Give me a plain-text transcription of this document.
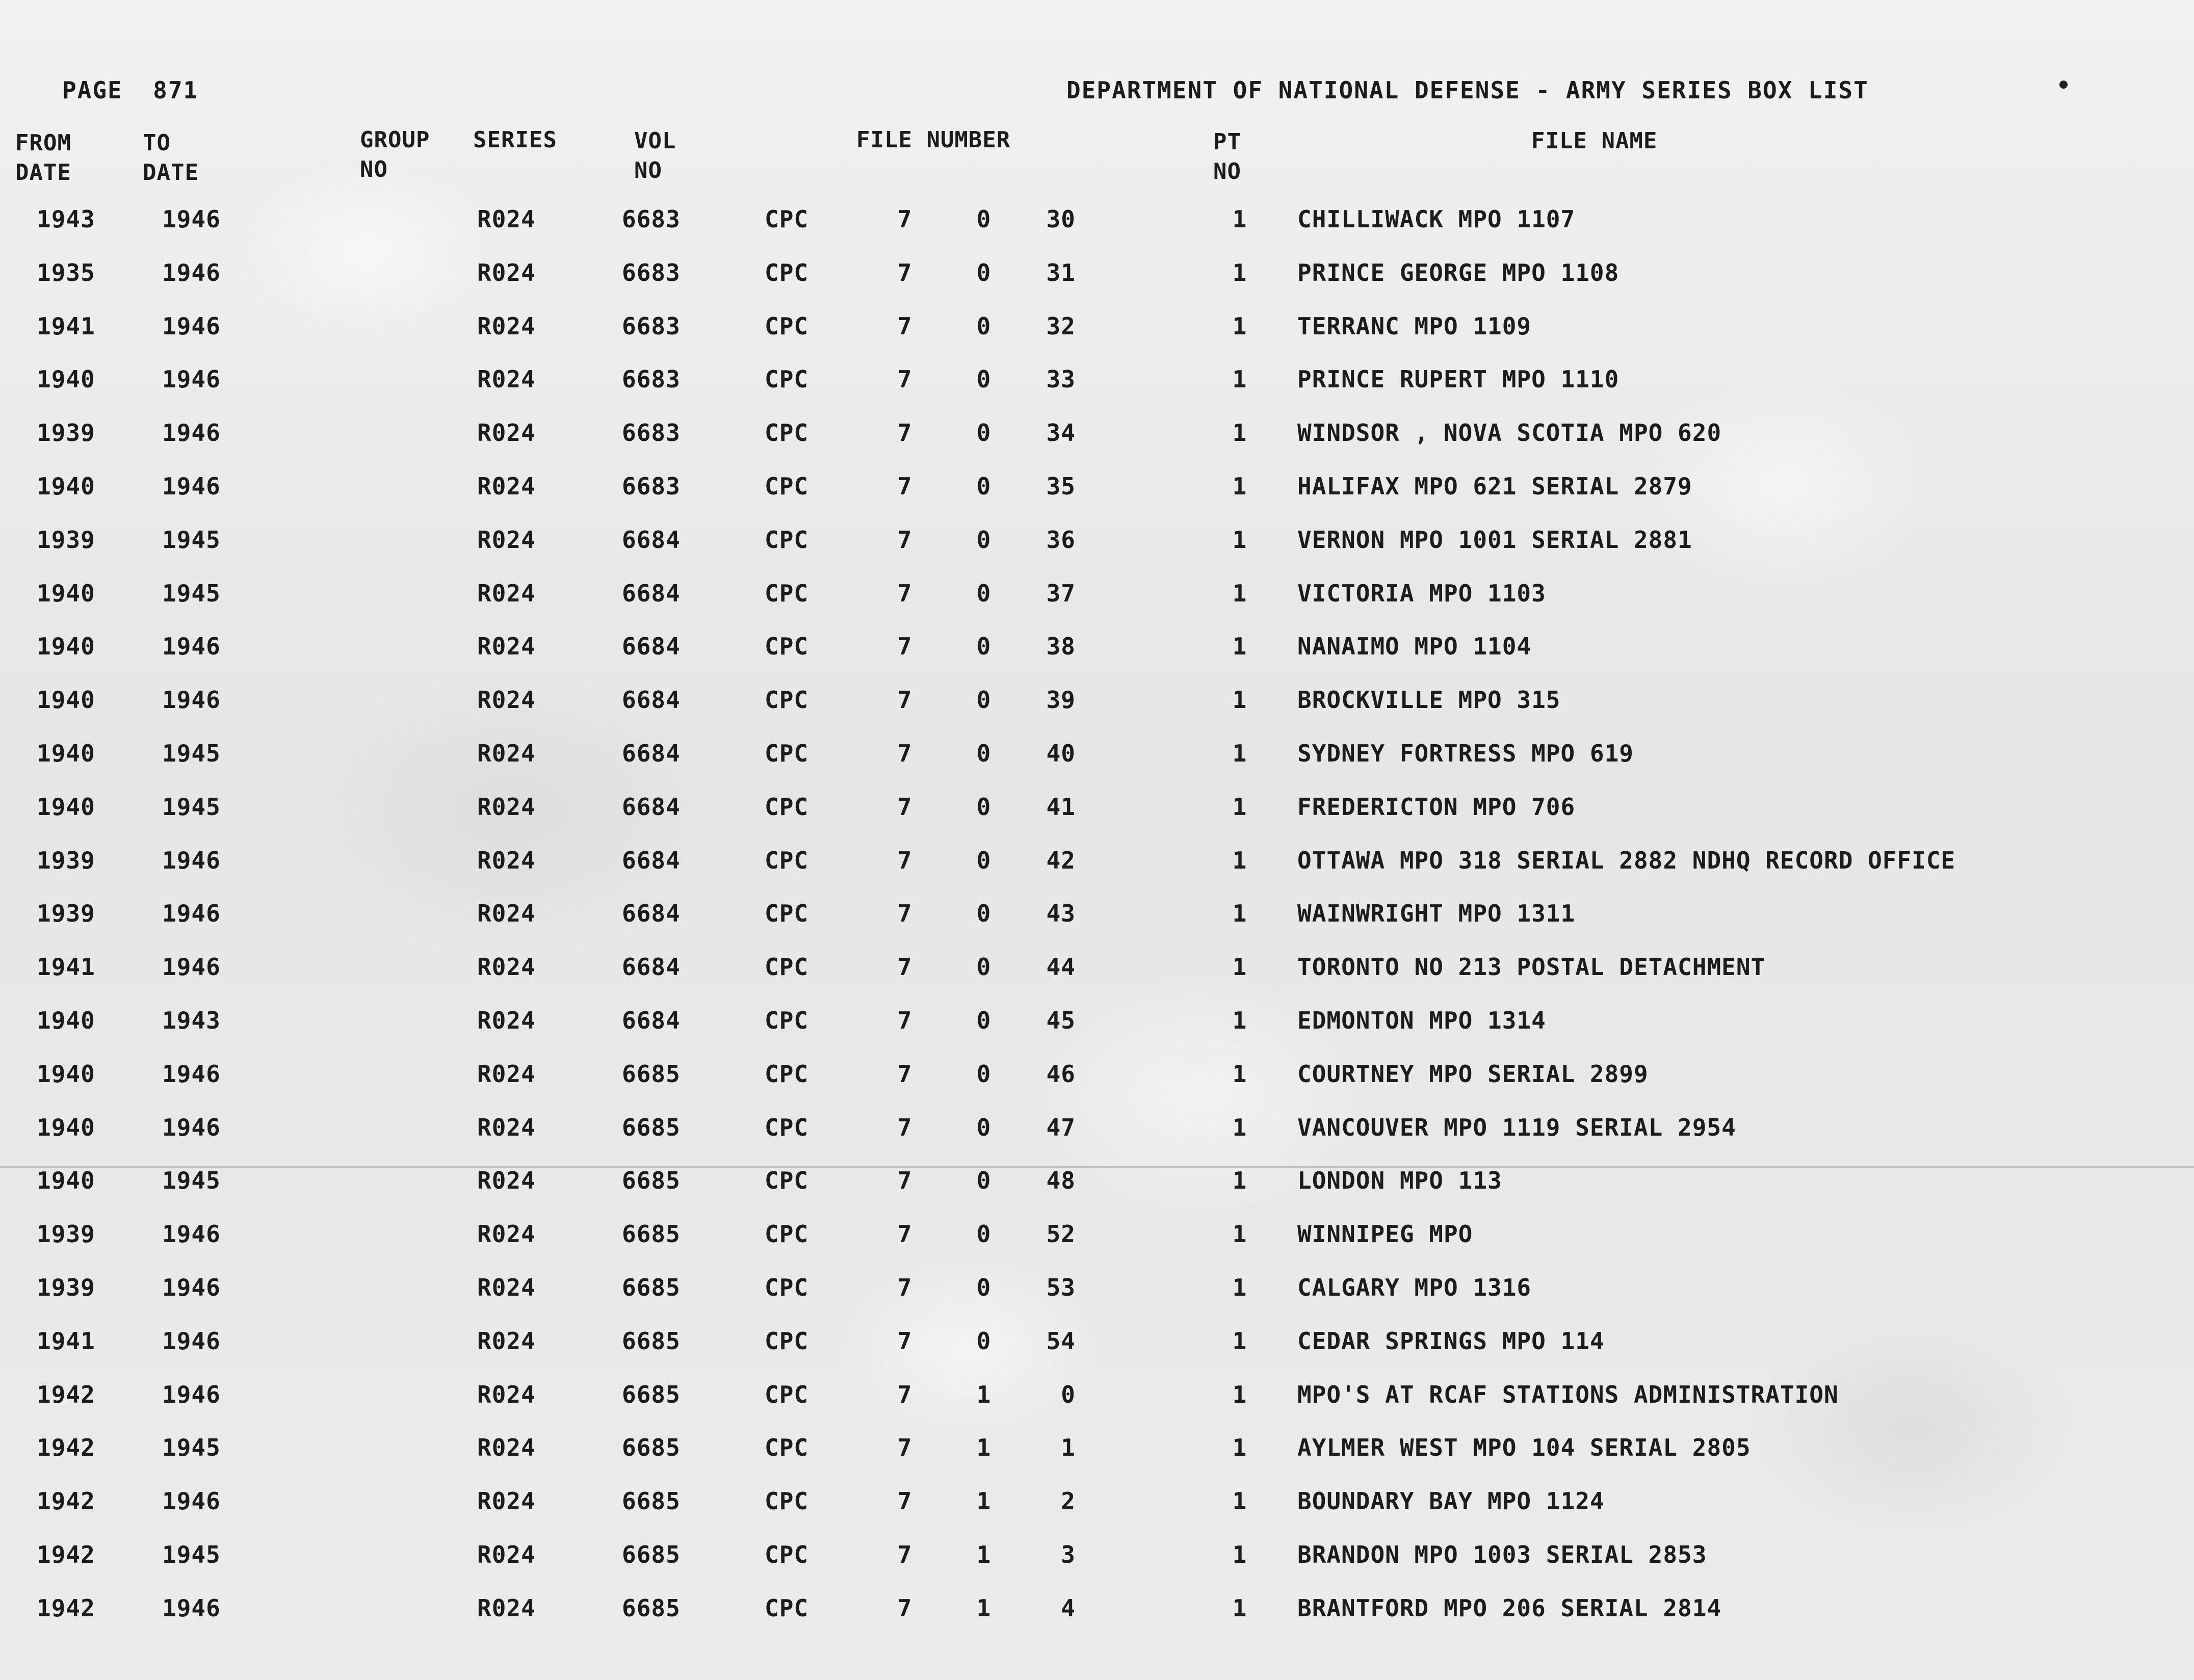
PAGE 871	DEPARTMENT OF NATIONAL DEFENSE - ARMY SERIES BOX LIST
FROM
DATE
TO
DATE
GROUP
NO
SERIES	VOL
NO
FILE NUMBER	PT
NO
FILE NAME
1943	1946	R024	6683	CPC	7	0	30	1 CHILLIWACK MPO 1107
1935	1946	R024	6683	CPC	7	0	31	1 PRINCE GEORGE MPO 1108
1941	1946	R024	6683	CPC	7	0	32	1 TERRANC MPO 1109
1940	1946	R024	6683	CPC	7	0	33	1 PRINCE RUPERT MPO 1110
1939	1946	R024	6683	CPC	7	0	34	1 WINDSOR , NOVA SCOTIA MPO 620
1940	1946	R024	6683	CPC	7	0	35	1 HALIFAX MPO 621 SERIAL 2879
1939	1945	R024	6684	CPC	7	0	36	1 VERNON MPO 1001 SERIAL 2881
1940	1945	R024	6684	CPC	7	0	37	1 VICTORIA MPO 1103
1940	1946	R024	6684	CPC	7	0	38	1 NANAIMO MPO 1104
1940	1946	R024	6684	CPC	7	0	39	1 BROCKVILLE MPO 315
1940	1945	R024	6684	CPC	7	0	40	1 SYDNEY FORTRESS MPO 619
1940	1945	R024	6684	CPC	7	0	41	1 FREDERICTON MPO 706
1939	1946	R024	6684	CPC	7	0	42	1 OTTAWA MPO 318 SERIAL 2882 NDHQ RECORD OFFICE
1939	1946	R024	6684	CPC	7	0	43	1 WAINWRIGHT MPO 1311
1941	1946	R024	6684	CPC	7	0	44	1 TORONTO NO 213 POSTAL DETACHMENT
1940	1943	R024	6684	CPC	7	0	45	1 EDMONTON MPO 1314
1940	1946	R024	6685	CPC	7	0	46	1 COURTNEY MPO SERIAL 2899
1940	1946	R024	6685	CPC	7	0	47	1 VANCOUVER MPO 1119 SERIAL 2954
1940	1945	R024	6685	CPC	7	0	48	1 LONDON MPO 113
1939	1946	R024	6685	CPC	7	0	52	1 WINNIPEG MPO
1939	1946	R024	6685	CPC	7	0	53	1 CALGARY MPO 1316
1941	1946	R024	6685	CPC	7	0	54	1 CEDAR SPRINGS MPO 114
1942	1946	R024	6685	CPC	7	1	0	1 MPO'S AT RCAF STATIONS ADMINISTRATION
1942	1945	R024	6685	CPC	7	1	1	1 AYLMER WEST MPO 104 SERIAL 2805
1942	1946	R024	6685	CPC	7	1	2	1 BOUNDARY BAY MPO 1124
1942	1945	R024	6685	CPC	7	1	3	1 BRANDON MPO 1003 SERIAL 2853
1942	1946	R024	6685	CPC	7	1	4	1 BRANTFORD MPO 206 SERIAL 2814
